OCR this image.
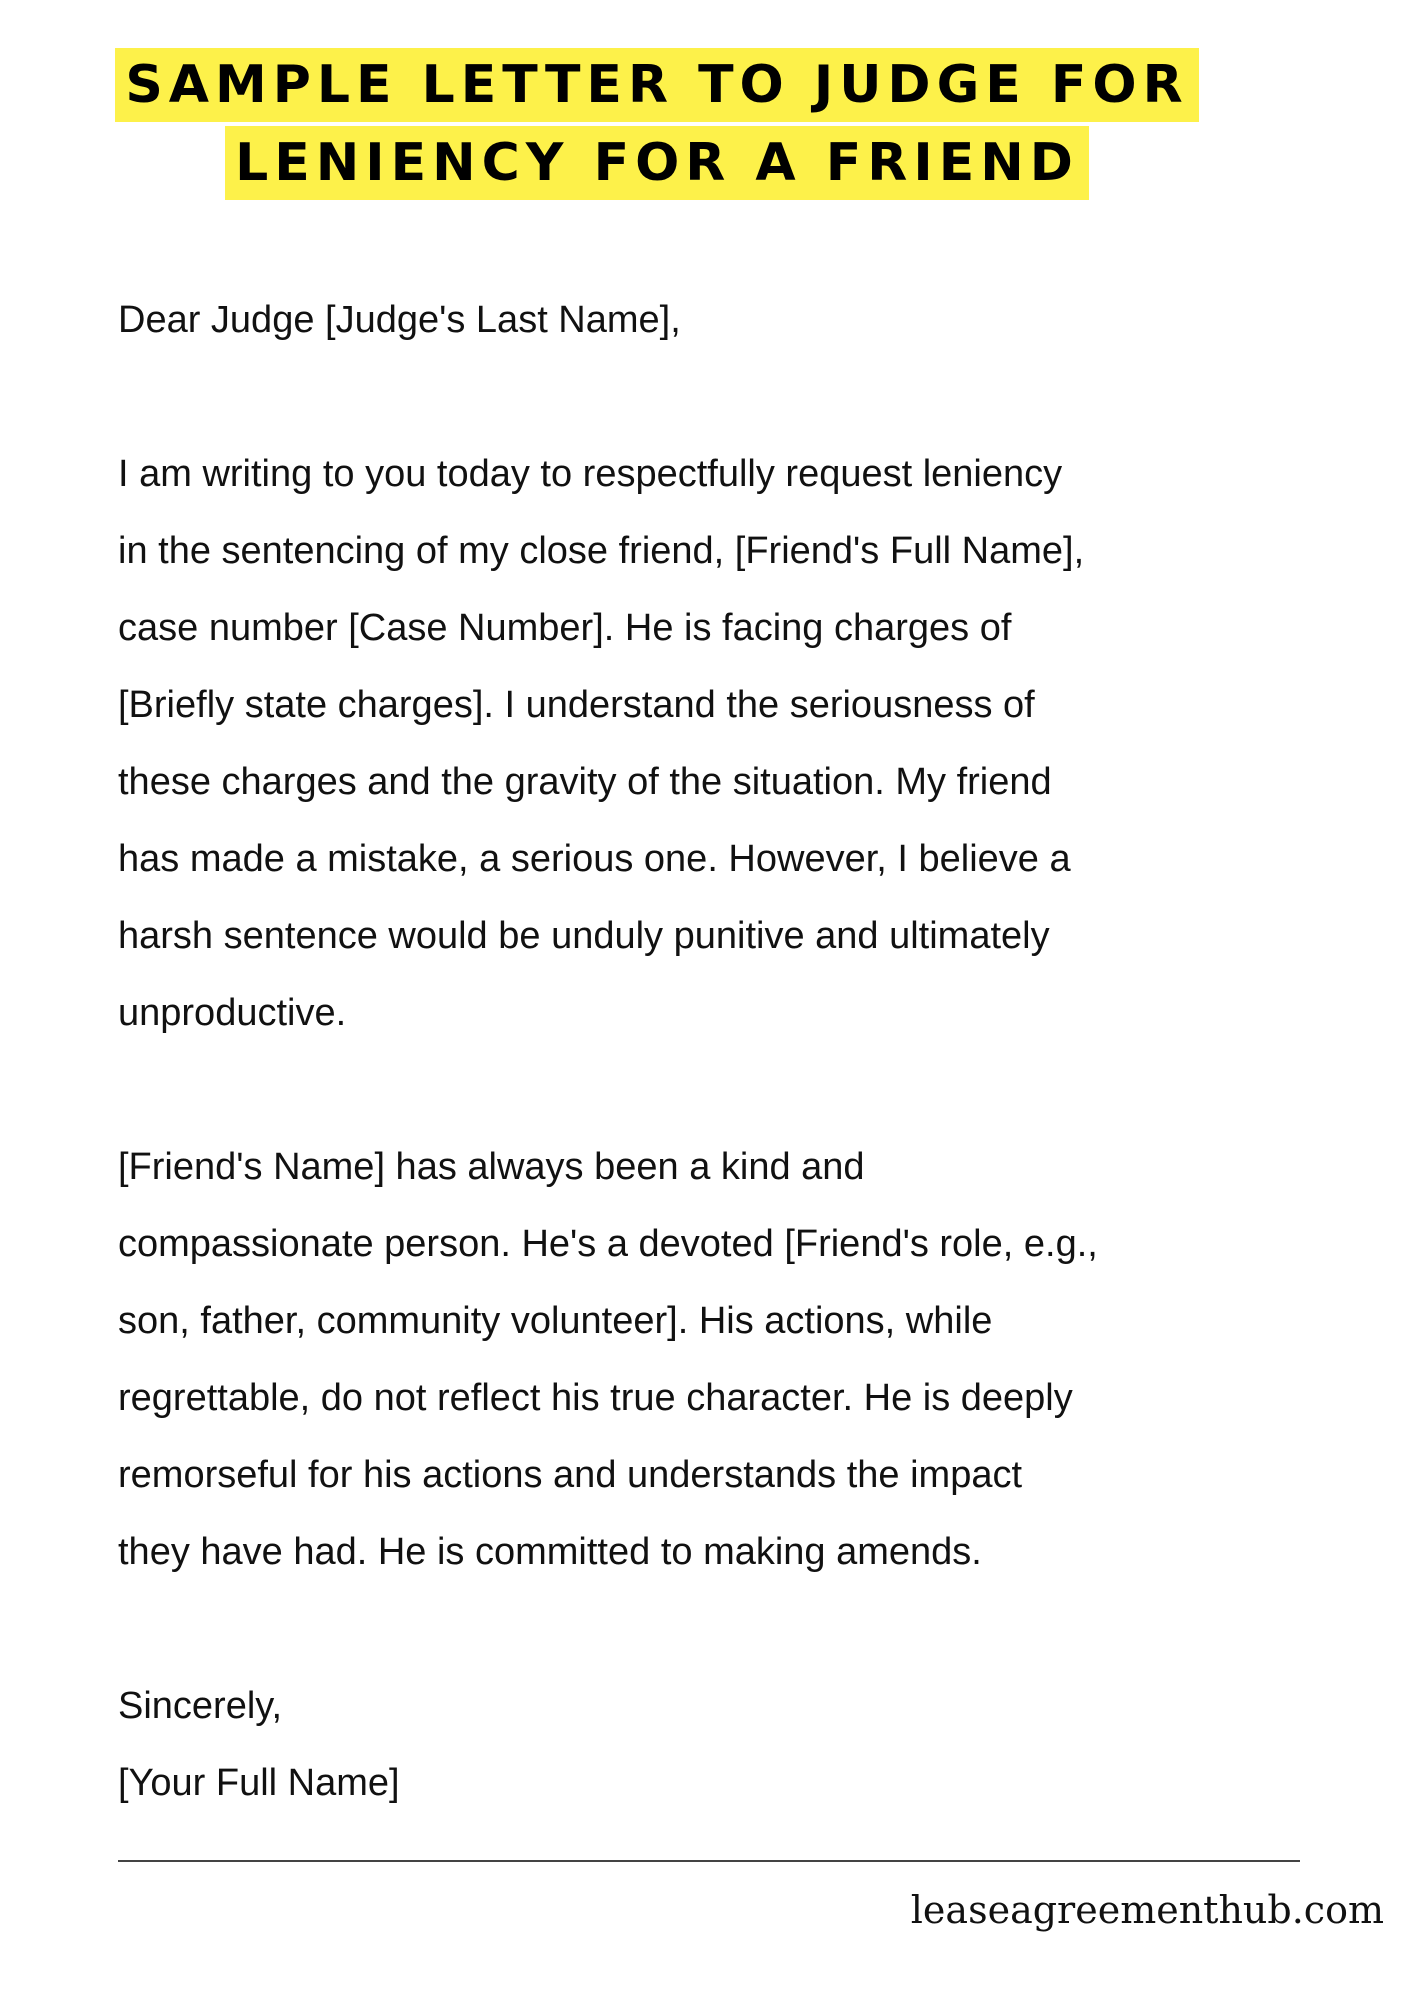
SAMPLE LETTER TO JUDGE FOR
LENIENCY FOR A FRIEND

Dear Judge [Judge's Last Name],

I am writing to you today to respectfully request leniency

in the sentencing of my close friend, [Friend's Full Name],

case number [Case Number]. He is facing charges of

[Briefly state charges]. I understand the seriousness of

these charges and the gravity of the situation. My friend

has made a mistake, a serious one. However, I believe a

harsh sentence would be unduly punitive and ultimately

unproductive.

[Friend's Name] has always been a kind and

compassionate person. He's a devoted [Friend's role, e.g.,

son, father, community volunteer]. His actions, while

regrettable, do not reflect his true character. He is deeply

remorseful for his actions and understands the impact

they have had. He is committed to making amends.

Sincerely,

[Your Full Name]

leaseagreementhub.com
